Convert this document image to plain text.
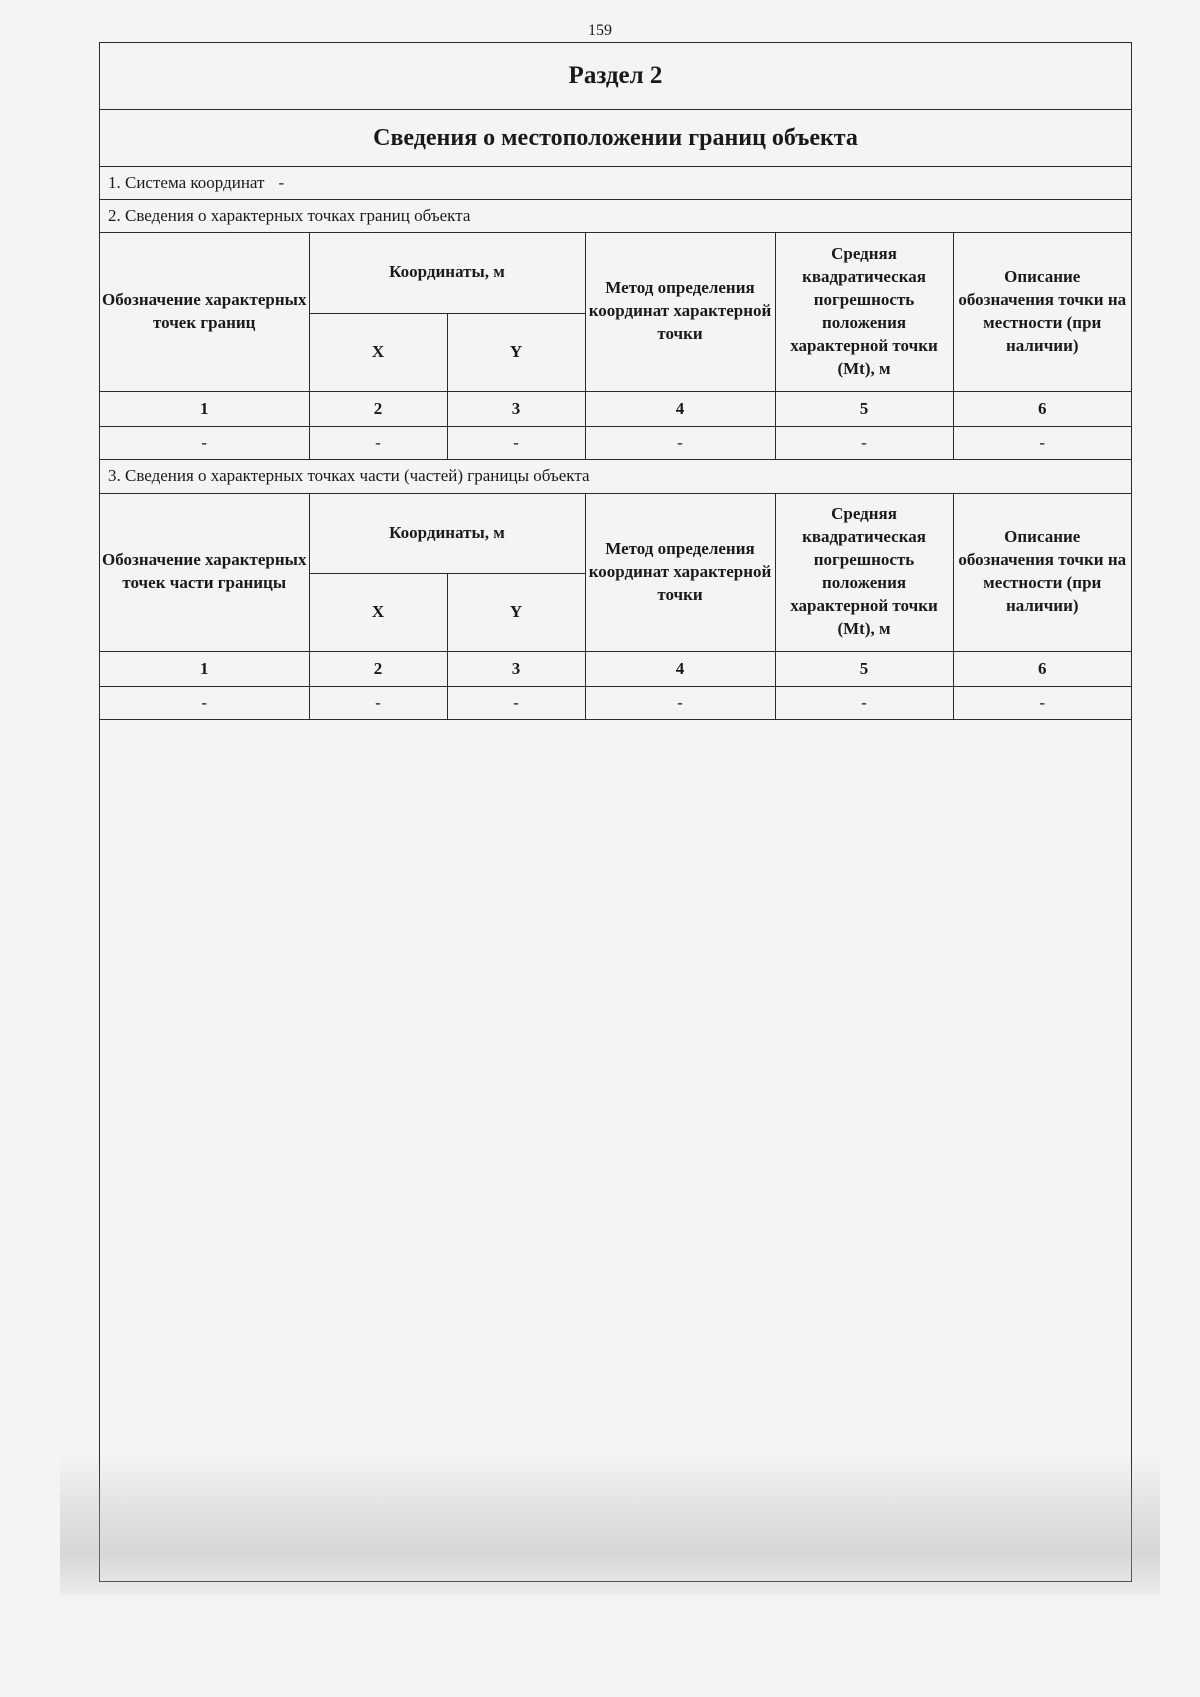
159
Раздел 2
Сведения о местоположении границ объекта
1. Система координат -
2. Сведения о характерных точках границ объекта
Обозначение характерных точек границ	Координаты, м		Метод определения координат характерной точки	Средняя квадратическая погрешность положения характерной точки (Mt), м	Описание обозначения точки на местности (при наличии)
	X	Y			
1	2	3	4	5	6
-	-	-	-	-	-
3. Сведения о характерных точках части (частей) границы объекта
Обозначение характерных точек части границы	Координаты, м		Метод определения координат характерной точки	Средняя квадратическая погрешность положения характерной точки (Mt), м	Описание обозначения точки на местности (при наличии)
	X	Y			
1	2	3	4	5	6
-	-	-	-	-	-
